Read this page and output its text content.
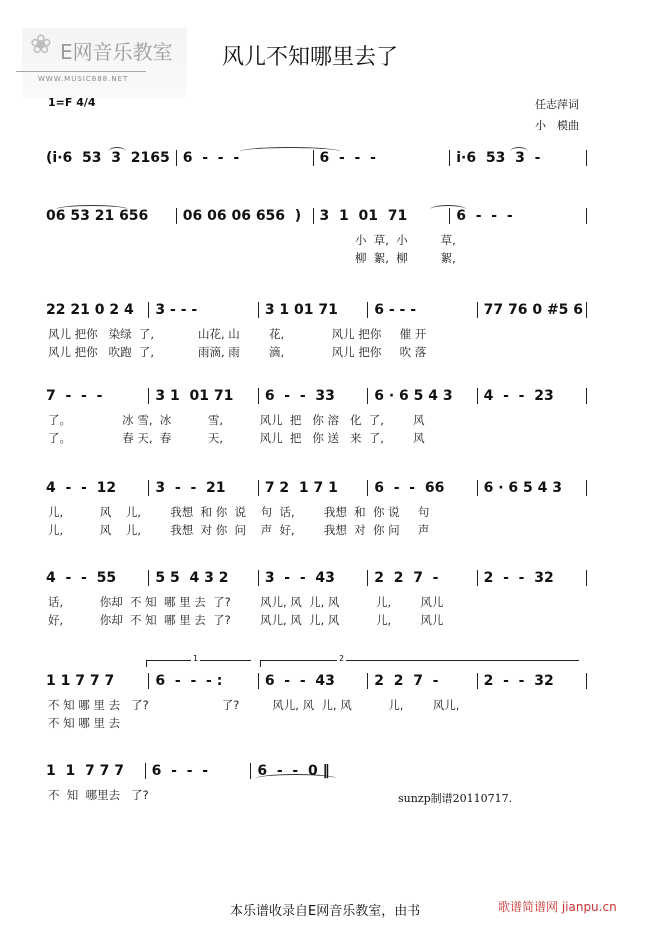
❀ E网音乐教室
WWW.MUSIC888.NET
风儿不知哪里去了
1=F 4/4	任志萍词
小　模曲
(i·6  53  3  2165 6  -  -  -	6  -  -  -	i·6  53  3  -
06 53 21 656	06 06 06 656  )	3  1  01  71	6  -  -  -
小  草,  小         草,
柳  絮,  柳         絮,
22 21 0 2 4	3 - - -	3 1 01 71	6 - - -	77 76 0 #5 6
风儿 把你   染绿  了,            山花, 山        花,             风儿 把你     催 开
风儿 把你   吹跑  了,            雨滴, 雨        滴,             风儿 把你     吹 落
7  -  -  -	3 1  01 71	6  -  -  33	6 · 6 5 4 3	4  -  -  23
了。              冰 雪,  冰          雪,          风儿  把   你 溶   化  了,        风
了。              春 天,  春          天,          风儿  把   你 送   来  了,        风
4  -  -  12	3  -  -  21	7 2  1 7 1	6  -  -  66	6 · 6 5 4 3
儿,          风    儿,        我想  和 你  说    句  话,        我想  和  你 说     句
儿,          风    儿,        我想  对 你  问    声  好,        我想  对  你 问     声
4  -  -  55	5 5  4 3 2	3  -  -  43	2  2  7  -	2  -  -  32
话,          你却  不 知  哪 里 去  了?        风儿, 风  儿, 风          儿,        风儿
好,          你却  不 知  哪 里 去  了?        风儿, 风  儿, 风          儿,        风儿
1 1 7 7 7	6  -  -  - :	6  -  -  43	2  2  7  -	2  -  -  32
不 知 哪 里 去   了?                    了?         风儿, 风  儿, 风          儿,        风儿,
不 知 哪 里 去
1  1  7 7 7	6  -  -  -	6  -  -  0 ‖
不  知  哪里去   了?
1	2
sunzp制谱20110717.
本乐谱收录自E网音乐教室，由书	歌谱简谱网 jianpu.cn
